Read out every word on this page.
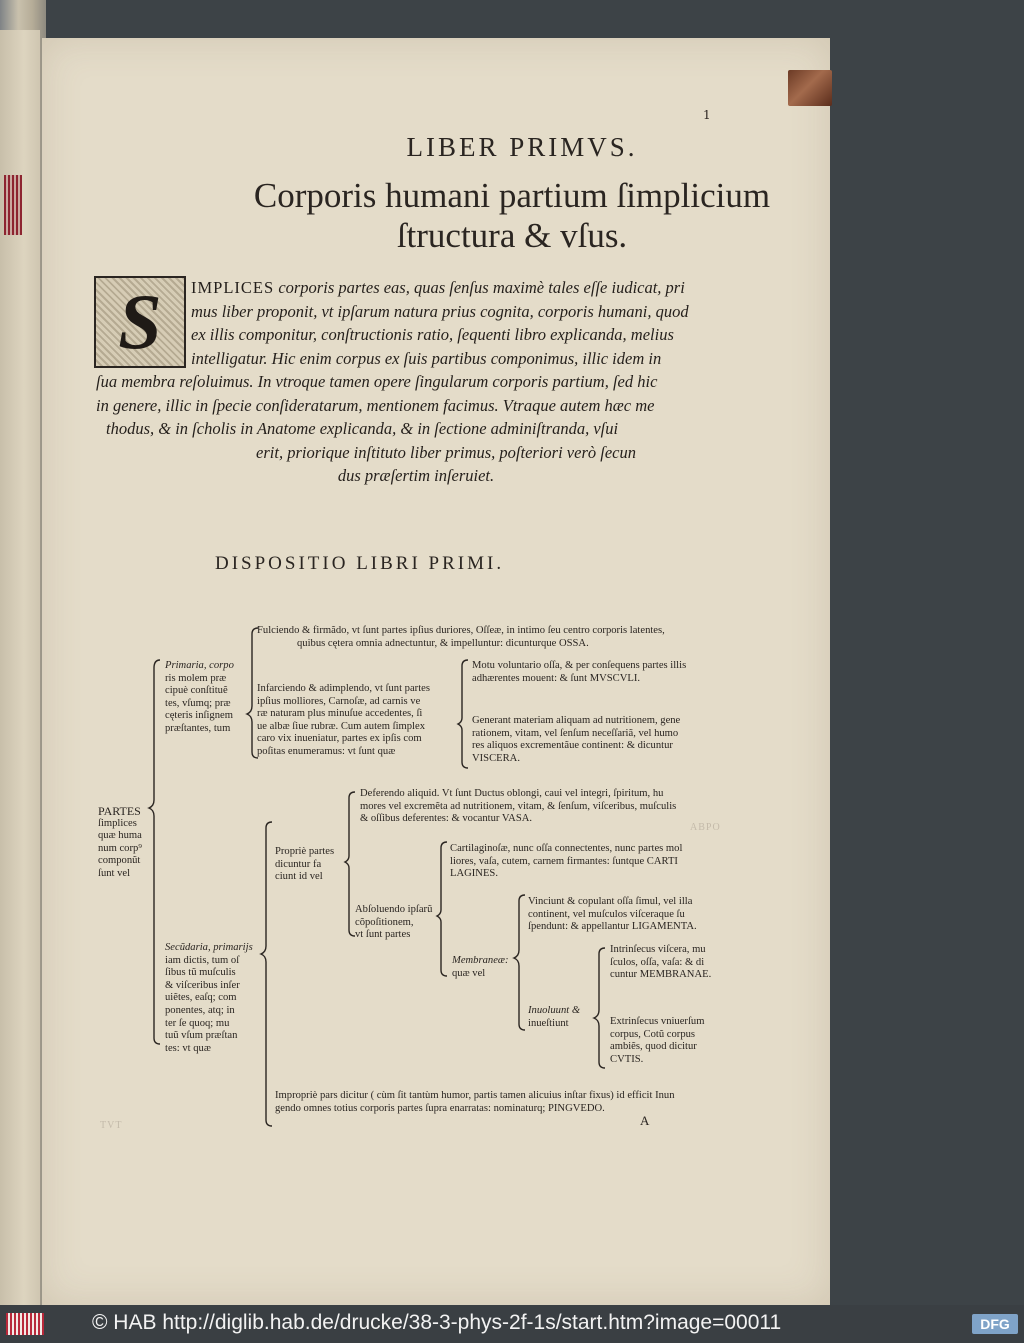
1
LIBER PRIMVS.
Corporis humani partium ſimplicium
ſtructura & vſus.
S	IMPLICES corporis partes eas, quas ſenſus maximè tales eſſe iudicat, pri
mus liber proponit, vt ipſarum natura prius cognita, corporis humani, quod
ex illis componitur, conſtructionis ratio, ſequenti libro explicanda, melius
intelligatur. Hic enim corpus ex ſuis partibus componimus, illic idem in
ſua membra reſoluimus. In vtroque tamen opere ſingularum corporis partium, ſed hic
in genere, illic in ſpecie conſideratarum, mentionem facimus. Vtraque autem hæc me
thodus, & in ſcholis in Anatome explicanda, & in ſectione adminiſtranda, vſui
erit, priorique inſtituto liber primus, poſteriori verò ſecun
dus præſertim inſeruiet.
DISPOSITIO LIBRI PRIMI.
ABPO
TVT
PARTES
ſimplices
quæ huma
num corp⁹
componũt
ſunt vel
Primaria, corpo
ris molem præ
cipuè conſtituẽ
tes, vſumq; præ
cęteris inſignem
præſtantes, tum
Secũdaria, primarijs
iam dictis, tum oſ
ſibus tũ muſculis
& viſceribus inſer
uiẽtes, eaſq; com
ponentes, atq; in
ter ſe quoq; mu
tuũ vſum præſtan
tes: vt quæ
Fulciendo & firmãdo, vt ſunt partes ipſius duriores, Oſſeæ, in intimo ſeu centro corporis latentes,
quibus cętera omnia adnectuntur, & impelluntur: dicunturque OSSA.
Infarciendo & adimplendo, vt ſunt partes
ipſius molliores, Carnoſæ, ad carnis ve
ræ naturam plus minuſue accedentes, ſi
ue albæ ſiue rubræ. Cum autem ſimplex
caro vix inueniatur, partes ex ipſis com
poſitas enumeramus: vt ſunt quæ
Motu voluntario oſſa, & per conſequens partes illis
adhærentes mouent: & ſunt MVSCVLI.
Generant materiam aliquam ad nutritionem, gene
rationem, vitam, vel ſenſum neceſſariã, vel humo
res aliquos excrementãue continent: & dicuntur
VISCERA.
Propriè partes
dicuntur fa
ciunt id vel
Deferendo aliquid. Vt ſunt Ductus oblongi, caui vel integri, ſpiritum, hu
mores vel excremẽta ad nutritionem, vitam, & ſenſum, viſceribus, muſculis
& oſſibus deferentes: & vocantur VASA.
Abſoluendo ipſarũ
cõpoſitionem,
vt ſunt partes
Cartilaginoſæ, nunc oſſa connectentes, nunc partes mol
liores, vaſa, cutem, carnem firmantes: ſuntque CARTI
LAGINES.
Membraneæ:
quæ vel
Vinciunt & copulant oſſa ſimul, vel illa
continent, vel muſculos viſceraque ſu
ſpendunt: & appellantur LIGAMENTA.
Inuoluunt &
inueſtiunt
Intrinſecus viſcera, mu
ſculos, oſſa, vaſa: & di
cuntur MEMBRANAE.
Extrinſecus vniuerſum
corpus, Cotũ corpus
ambiẽs, quod dicitur
CVTIS.
Impropriè pars dicitur ( cùm ſit tantùm humor, partis tamen alicuius inſtar fixus) id efficit Inun
gendo omnes totius corporis partes ſupra enarratas: nominaturq; PINGVEDO.
A
© HAB http://diglib.hab.de/drucke/38-3-phys-2f-1s/start.htm?image=00011	DFG
